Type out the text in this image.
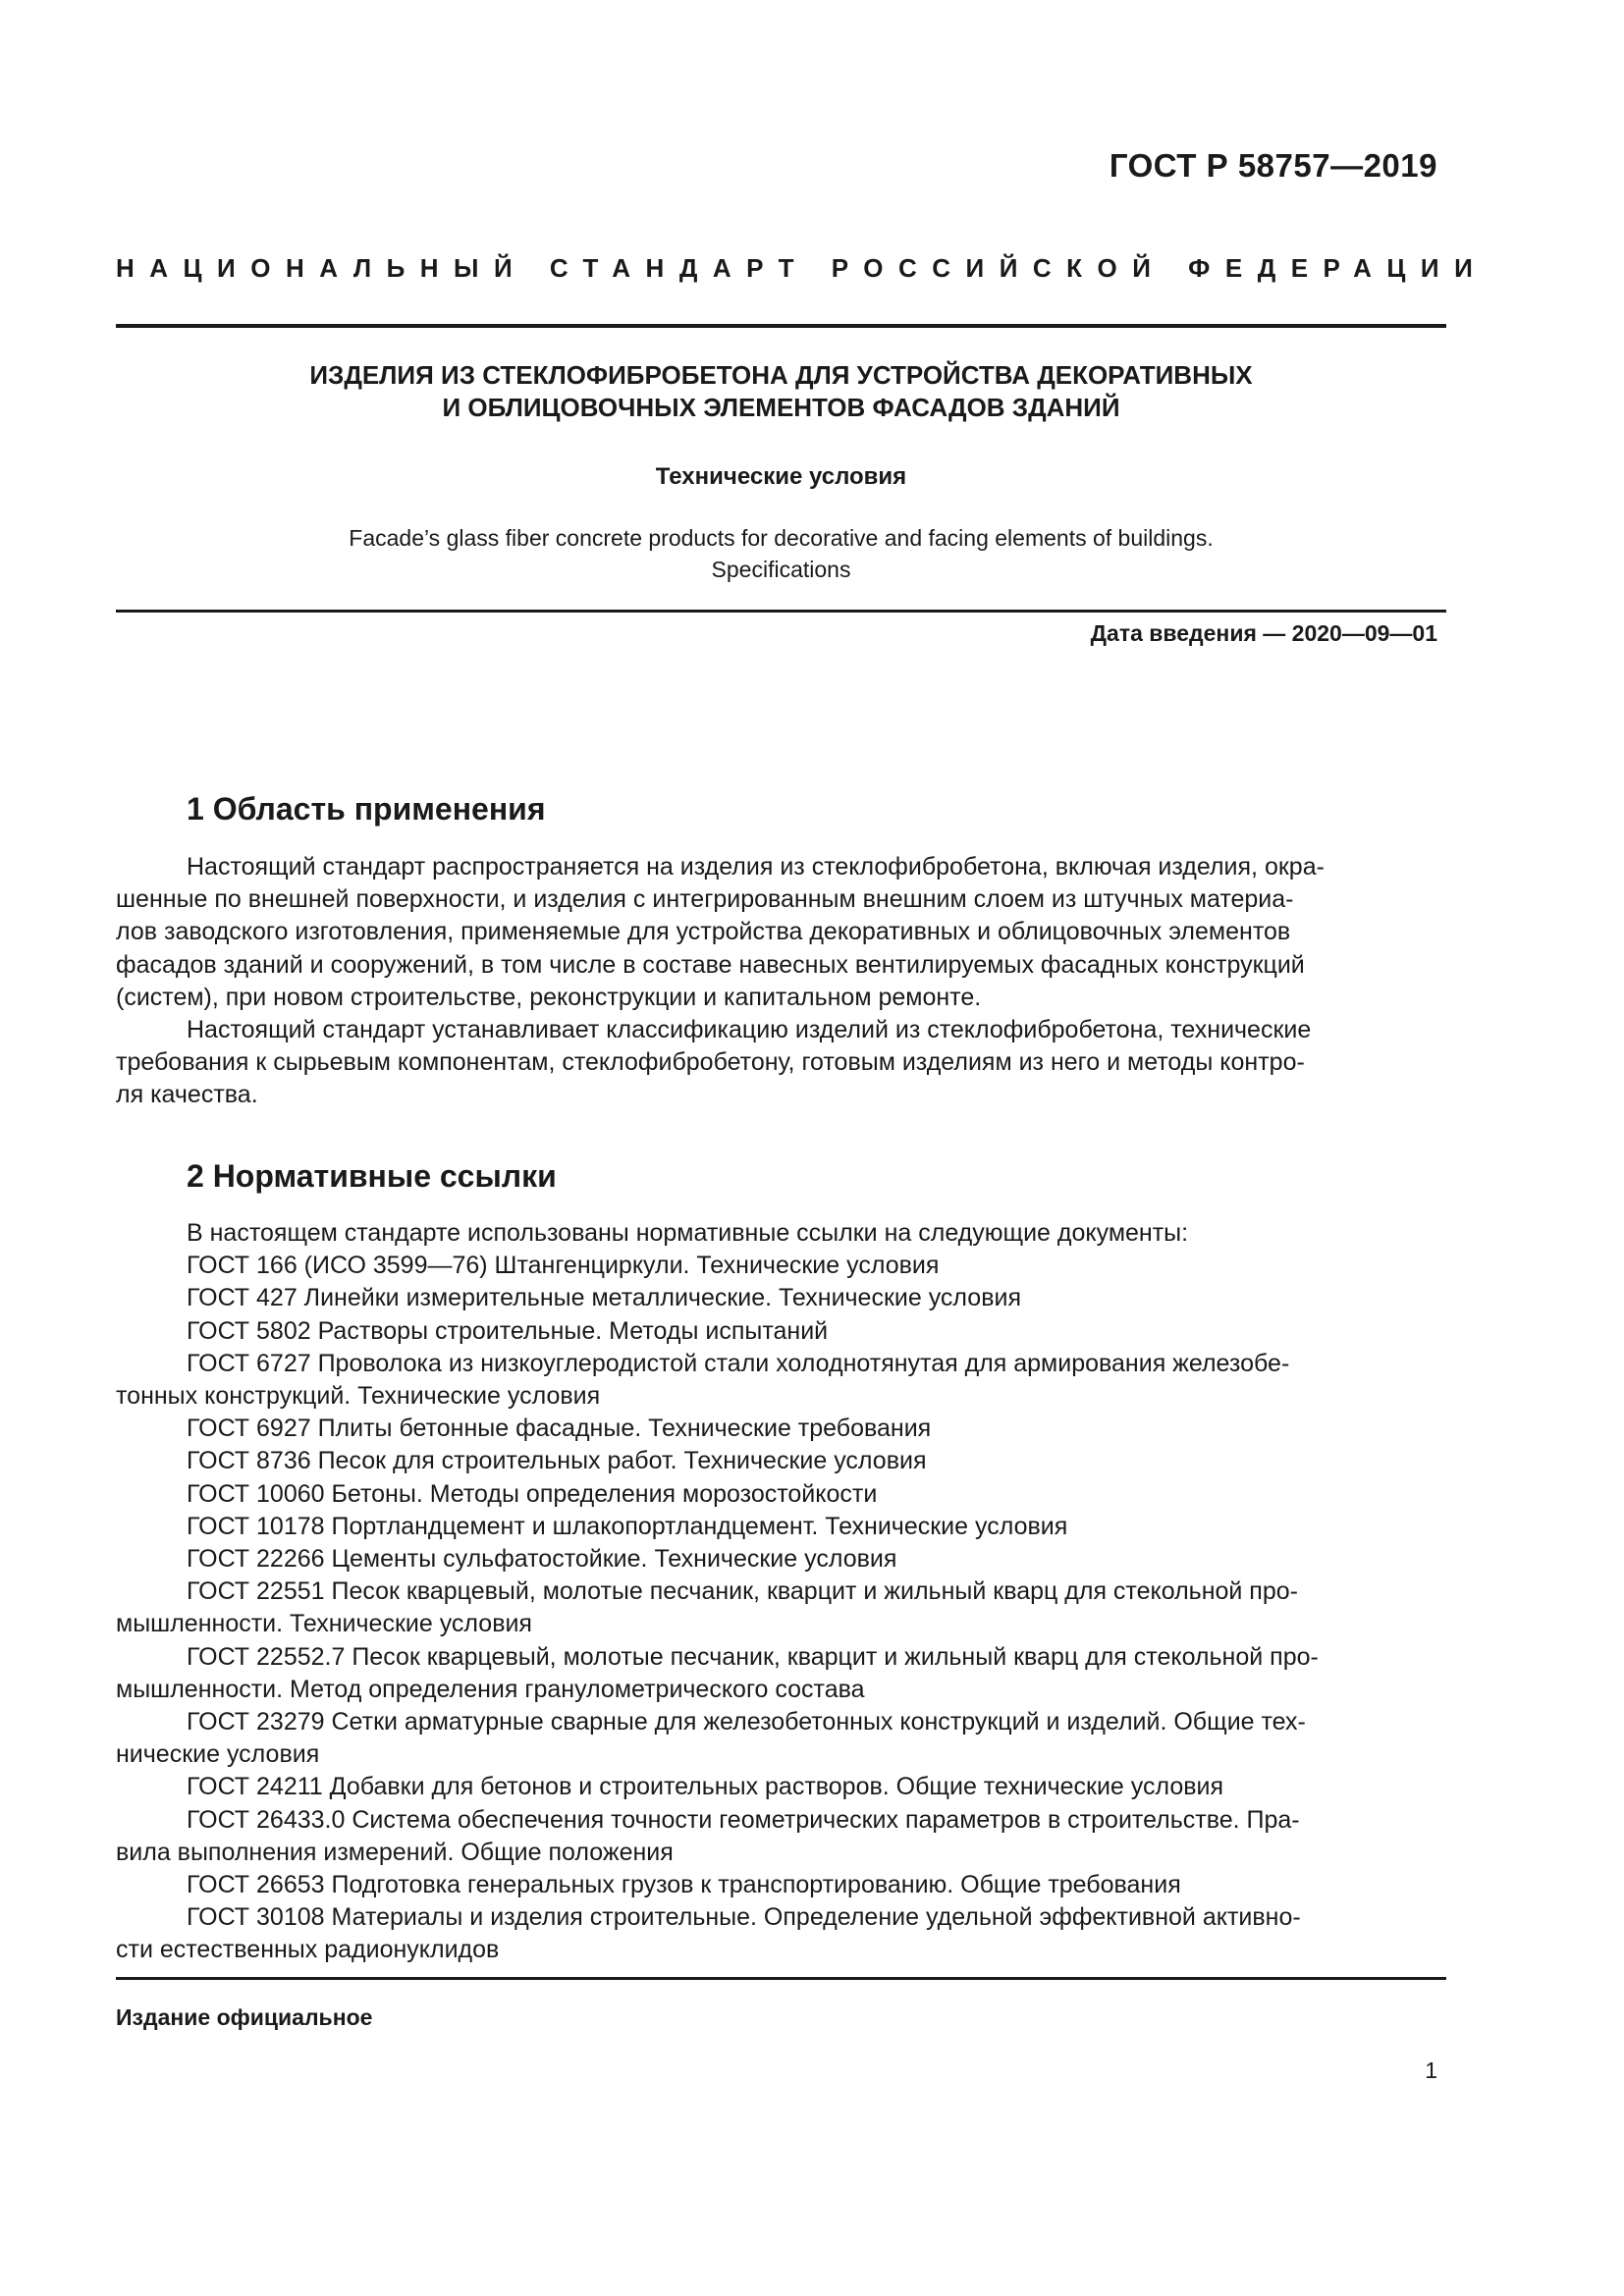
ГОСТ Р 58757—2019

НАЦИОНАЛЬНЫЙ СТАНДАРТ РОССИЙСКОЙ ФЕДЕРАЦИИ

ИЗДЕЛИЯ ИЗ СТЕКЛОФИБРОБЕТОНА ДЛЯ УСТРОЙСТВА ДЕКОРАТИВНЫХ
И ОБЛИЦОВОЧНЫХ ЭЛЕМЕНТОВ ФАСАДОВ ЗДАНИЙ

Технические условия

Facade’s glass fiber concrete products for decorative and facing elements of buildings.
Specifications

Дата введения — 2020—09—01

1 Область применения

Настоящий стандарт распространяется на изделия из стеклофибробетона, включая изделия, окра-
шенные по внешней поверхности, и изделия с интегрированным внешним слоем из штучных материа-
лов заводского изготовления, применяемые для устройства декоративных и облицовочных элементов
фасадов зданий и сооружений, в том числе в составе навесных вентилируемых фасадных конструкций
(систем), при новом строительстве, реконструкции и капитальном ремонте.

Настоящий стандарт устанавливает классификацию изделий из стеклофибробетона, технические
требования к сырьевым компонентам, стеклофибробетону, готовым изделиям из него и методы контро-
ля качества.

2 Нормативные ссылки

В настоящем стандарте использованы нормативные ссылки на следующие документы:

ГОСТ 166 (ИСО 3599—76) Штангенциркули. Технические условия

ГОСТ 427 Линейки измерительные металлические. Технические условия

ГОСТ 5802 Растворы строительные. Методы испытаний

ГОСТ 6727 Проволока из низкоуглеродистой стали холоднотянутая для армирования железобе-
тонных конструкций. Технические условия

ГОСТ 6927 Плиты бетонные фасадные. Технические требования

ГОСТ 8736 Песок для строительных работ. Технические условия

ГОСТ 10060 Бетоны. Методы определения морозостойкости

ГОСТ 10178 Портландцемент и шлакопортландцемент. Технические условия

ГОСТ 22266 Цементы сульфатостойкие. Технические условия

ГОСТ 22551 Песок кварцевый, молотые песчаник, кварцит и жильный кварц для стекольной про-
мышленности. Технические условия

ГОСТ 22552.7 Песок кварцевый, молотые песчаник, кварцит и жильный кварц для стекольной про-
мышленности. Метод определения гранулометрического состава

ГОСТ 23279 Сетки арматурные сварные для железобетонных конструкций и изделий. Общие тех-
нические условия

ГОСТ 24211 Добавки для бетонов и строительных растворов. Общие технические условия

ГОСТ 26433.0 Система обеспечения точности геометрических параметров в строительстве. Пра-
вила выполнения измерений. Общие положения

ГОСТ 26653 Подготовка генеральных грузов к транспортированию. Общие требования

ГОСТ 30108 Материалы и изделия строительные. Определение удельной эффективной активно-
сти естественных радионуклидов

Издание официальное

1
